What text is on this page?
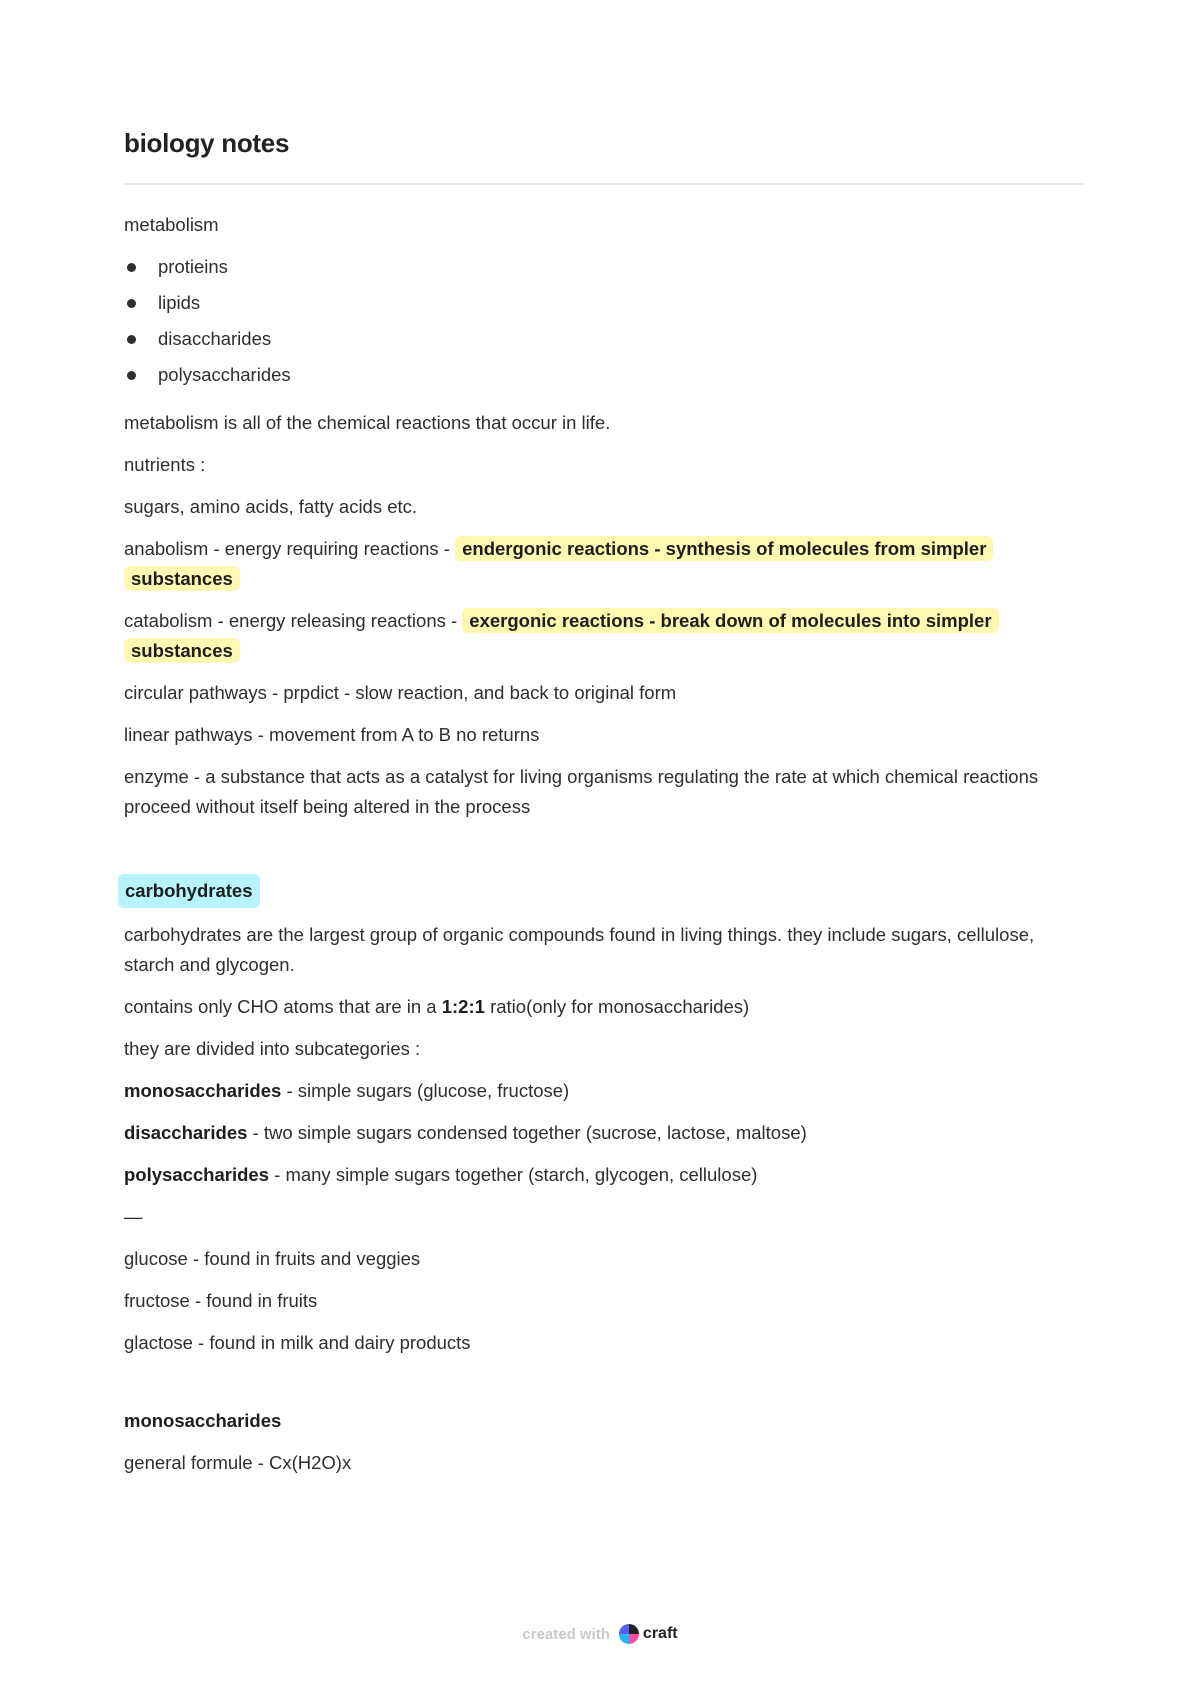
biology notes

metabolism

protieins
lipids
disaccharides
polysaccharides

metabolism is all of the chemical reactions that occur in life.

nutrients :

sugars, amino acids, fatty acids etc.

anabolism - energy requiring reactions - endergonic reactions - synthesis of molecules from simpler substances

catabolism - energy releasing reactions - exergonic reactions - break down of molecules into simpler substances

circular pathways - prpdict - slow reaction, and back to original form

linear pathways - movement from A to B no returns

enzyme - a substance that acts as a catalyst for living organisms regulating the rate at which chemical reactions proceed without itself being altered in the process

carbohydrates

carbohydrates are the largest group of organic compounds found in living things. they include sugars, cellulose, starch and glycogen.

contains only CHO atoms that are in a 1:2:1 ratio(only for monosaccharides)

they are divided into subcategories :

monosaccharides - simple sugars (glucose, fructose)

disaccharides - two simple sugars condensed together (sucrose, lactose, maltose)

polysaccharides - many simple sugars together (starch, glycogen, cellulose)

—

glucose - found in fruits and veggies

fructose - found in fruits

glactose - found in milk and dairy products

monosaccharides

general formule - Cx(H2O)x

created with craft
